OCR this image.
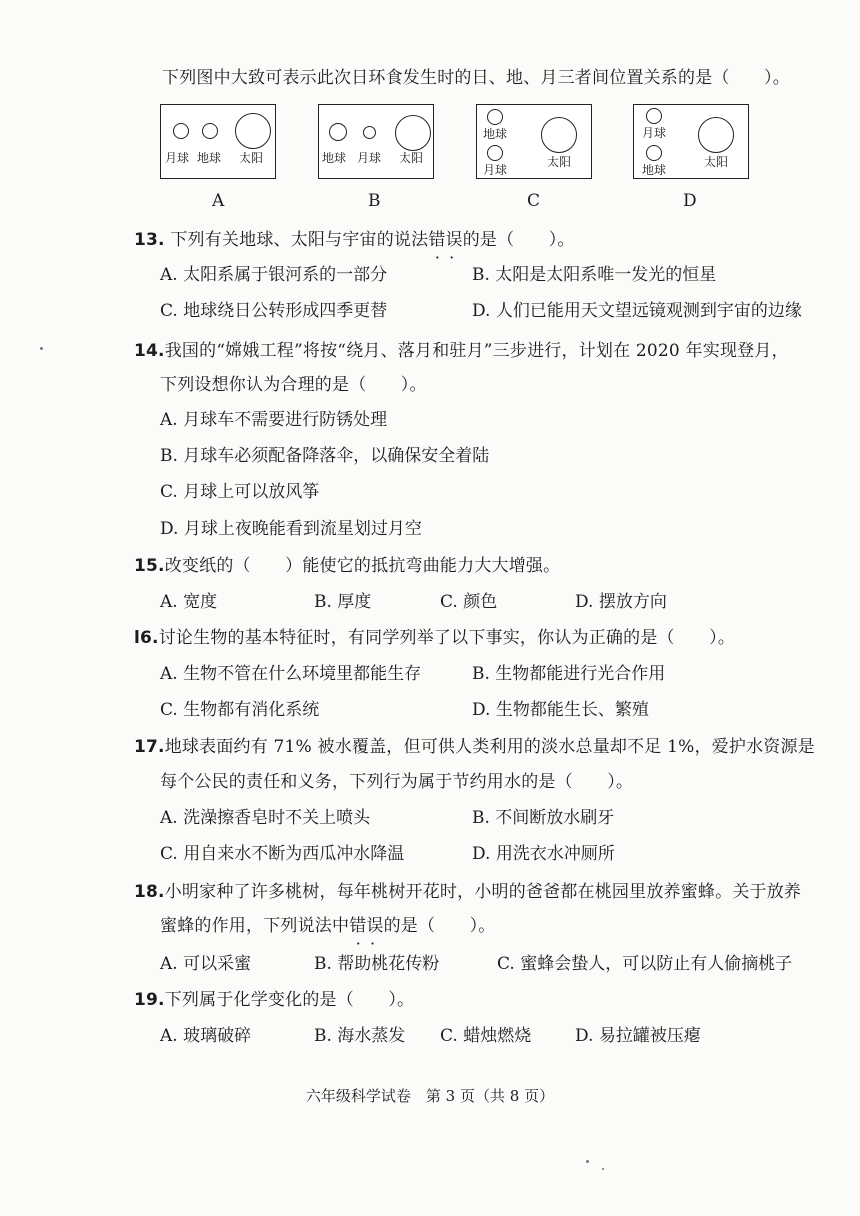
下列图中大致可表示此次日环食发生时的日、地、月三者间位置关系的是（　　）。
月球 地球 太阳
A
地球 月球 太阳
B
地球
月球
太阳
C
月球
地球
太阳
D
13. 下列有关地球、太阳与宇宙的说法错误 · ·的是（　　）。
A. 太阳系属于银河系的一部分	B. 太阳是太阳系唯一发光的恒星
C. 地球绕日公转形成四季更替	D. 人们已能用天文望远镜观测到宇宙的边缘
14.我国的“嫦娥工程”将按“绕月、落月和驻月”三步进行，计划在 2020 年实现登月，
下列设想你认为合理的是（　　）。
A. 月球车不需要进行防锈处理
B. 月球车必须配备降落伞，以确保安全着陆
C. 月球上可以放风筝
D. 月球上夜晚能看到流星划过月空
15.改变纸的（　　）能使它的抵抗弯曲能力大大增强。
A. 宽度	B. 厚度	C. 颜色	D. 摆放方向
l6.讨论生物的基本特征时，有同学列举了以下事实，你认为正确的是（　　）。
A. 生物不管在什么环境里都能生存	B. 生物都能进行光合作用
C. 生物都有消化系统	D. 生物都能生长、繁殖
17.地球表面约有 71% 被水覆盖，但可供人类利用的淡水总量却不足 1%，爱护水资源是
每个公民的责任和义务，下列行为属于节约用水的是（　　）。
A. 洗澡擦香皂时不关上喷头	B. 不间断放水刷牙
C. 用自来水不断为西瓜冲水降温	D. 用洗衣水冲厕所
18.小明家种了许多桃树，每年桃树开花时，小明的爸爸都在桃园里放养蜜蜂。关于放养
蜜蜂的作用，下列说法中错误 · ·的是（　　）。
A. 可以采蜜	B. 帮助桃花传粉	C. 蜜蜂会蛰人，可以防止有人偷摘桃子
19.下列属于化学变化的是（　　）。
A. 玻璃破碎	B. 海水蒸发 C. 蜡烛燃烧	D. 易拉罐被压瘪
六年级科学试卷　第 3 页（共 8 页）
